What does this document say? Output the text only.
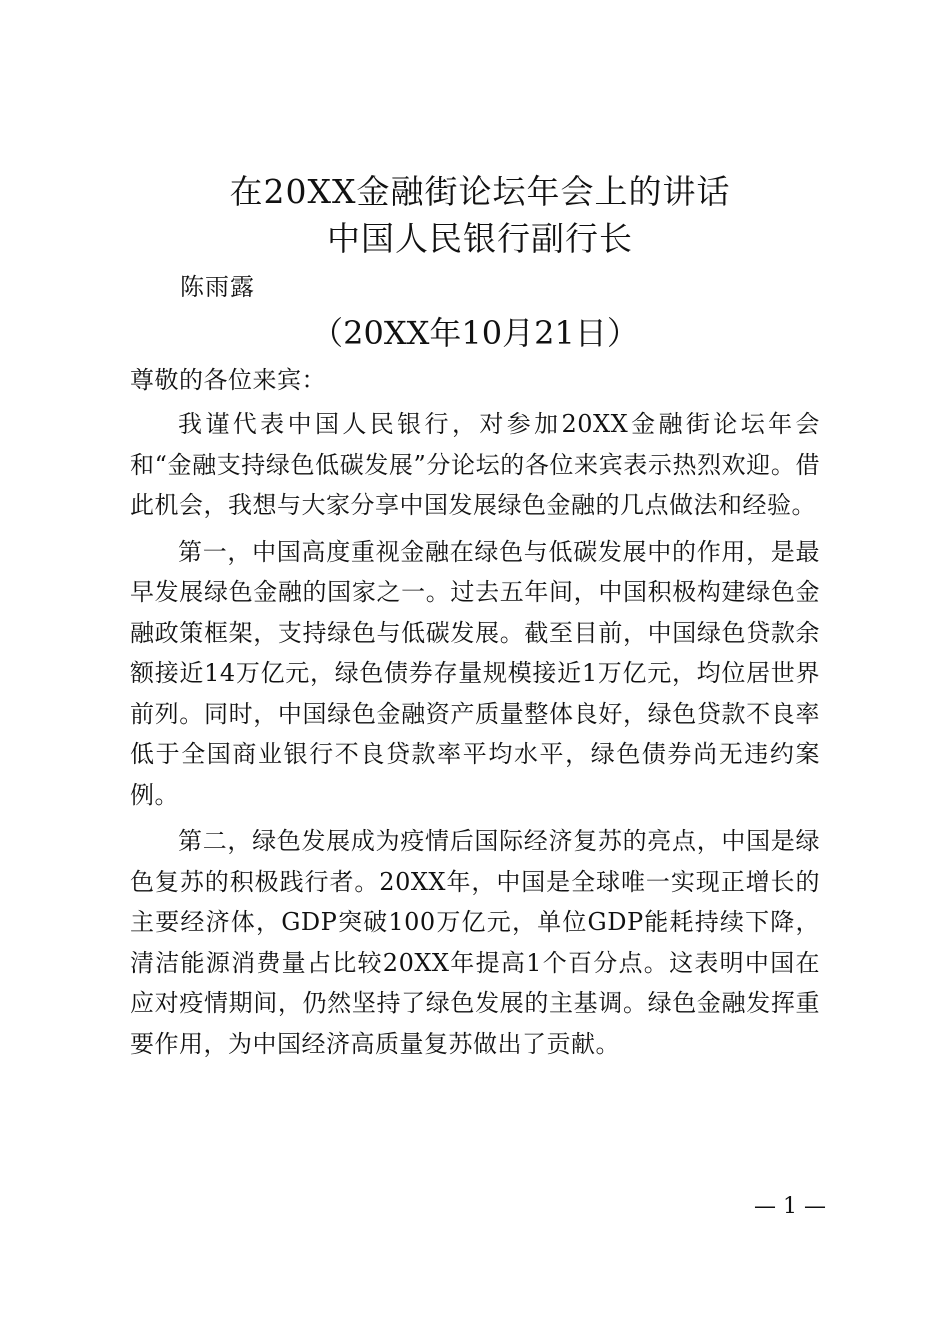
在20XX金融街论坛年会上的讲话
中国人民银行副行长
陈雨露
（20XX年10月21日）

尊敬的各位来宾：

我谨代表中国人民银行，对参加20XX金融街论坛年会和“金融支持绿色低碳发展”分论坛的各位来宾表示热烈欢迎。借此机会，我想与大家分享中国发展绿色金融的几点做法和经验。

第一，中国高度重视金融在绿色与低碳发展中的作用，是最早发展绿色金融的国家之一。过去五年间，中国积极构建绿色金融政策框架，支持绿色与低碳发展。截至目前，中国绿色贷款余额接近14万亿元，绿色债券存量规模接近1万亿元，均位居世界前列。同时，中国绿色金融资产质量整体良好，绿色贷款不良率低于全国商业银行不良贷款率平均水平，绿色债券尚无违约案例。

第二，绿色发展成为疫情后国际经济复苏的亮点，中国是绿色复苏的积极践行者。20XX年，中国是全球唯一实现正增长的主要经济体，GDP突破100万亿元，单位GDP能耗持续下降，清洁能源消费量占比较20XX年提高1个百分点。这表明中国在应对疫情期间，仍然坚持了绿色发展的主基调。绿色金融发挥重要作用，为中国经济高质量复苏做出了贡献。

— 1 —
